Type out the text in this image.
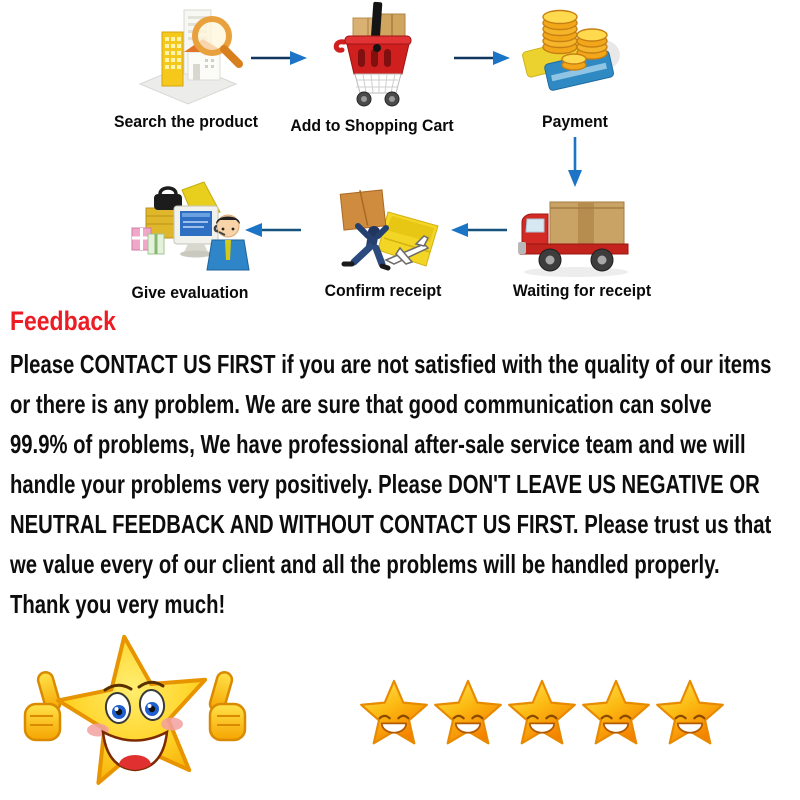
Search the product	Add to Shopping Cart	Payment
Waiting for receipt
Confirm receipt
Give evaluation
Feedback
Please CONTACT US FIRST if you are not satisfied with the quality of our items
or there is any problem. We are sure that good communication can solve
99.9% of problems, We have professional after-sale service team and we will
handle your problems very positively. Please DON'T LEAVE US NEGATIVE OR
NEUTRAL FEEDBACK AND WITHOUT CONTACT US FIRST. Please trust us that
we value every of our client and all the problems will be handled properly.
Thank you very much!
